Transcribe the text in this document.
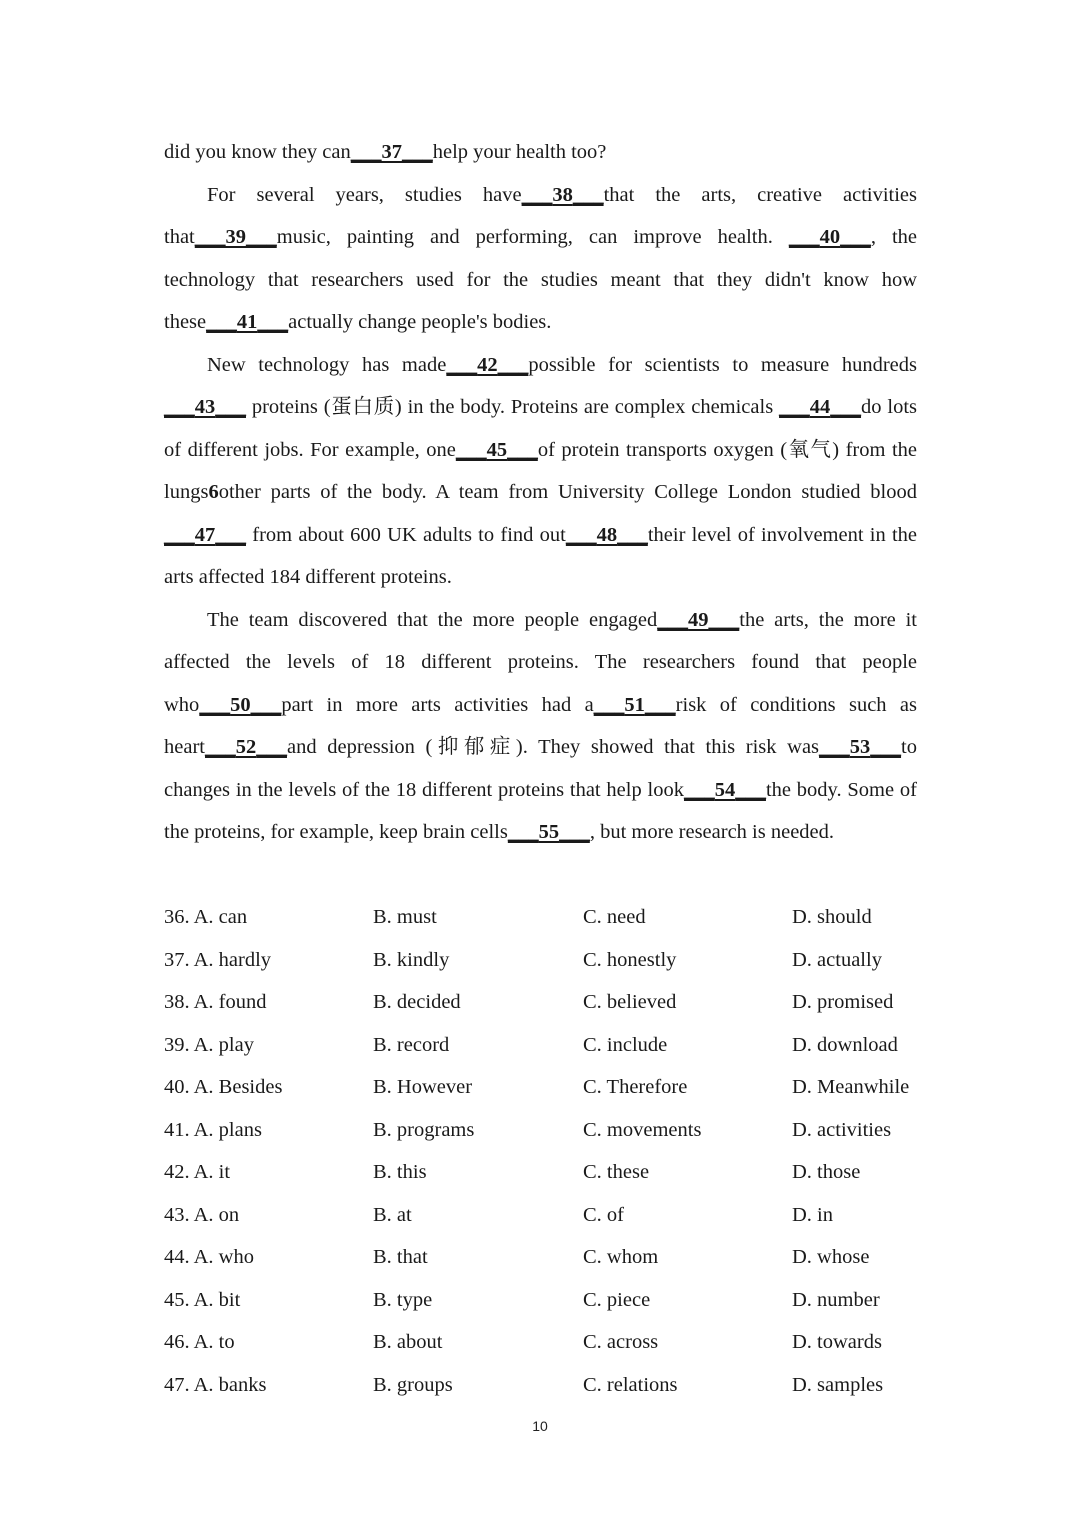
did you know they can___37___help your health too?

For several years, studies have___38___that the arts, creative activities that___39___music, painting and performing, can improve health. ___40___, the technology that researchers used for the studies meant that they didn't know how these___41___actually change people's bodies.

New technology has made___42___possible for scientists to measure hundreds ___43___ proteins (蛋白质) in the body. Proteins are complex chemicals ___44___do lots of different jobs. For example, one___45___of protein transports oxygen (氧气) from the lungs6other parts of the body. A team from University College London studied blood ___47___ from about 600 UK adults to find out___48___their level of involvement in the arts affected 184 different proteins.

The team discovered that the more people engaged___49___the arts, the more it affected the levels of 18 different proteins. The researchers found that people who___50___part in more arts activities had a___51___risk of conditions such as heart___52___and depression (抑郁症). They showed that this risk was___53___to changes in the levels of the 18 different proteins that help look___54___the body. Some of the proteins, for example, keep brain cells___55___, but more research is needed.

36. A. can	B. must	C. need	D. should
37. A. hardly	B. kindly	C. honestly	D. actually
38. A. found	B. decided	C. believed	D. promised
39. A. play	B. record	C. include	D. download
40. A. Besides	B. However	C. Therefore	D. Meanwhile
41. A. plans	B. programs	C. movements	D. activities
42. A. it	B. this	C. these	D. those
43. A. on	B. at	C. of	D. in
44. A. who	B. that	C. whom	D. whose
45. A. bit	B. type	C. piece	D. number
46. A. to	B. about	C. across	D. towards
47. A. banks	B. groups	C. relations	D. samples
10
